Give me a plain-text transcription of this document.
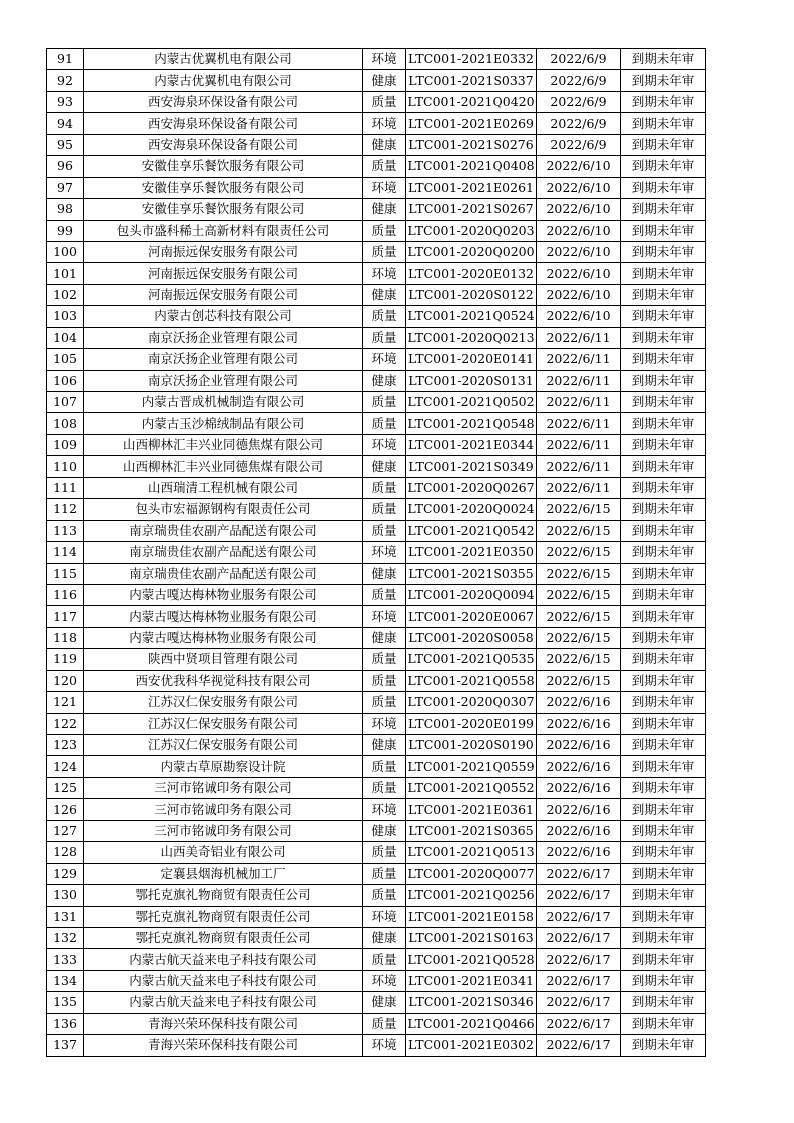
91	内蒙古优翼机电有限公司	环境	LTC001-2021E0332	2022/6/9	到期未年审
92	内蒙古优翼机电有限公司	健康	LTC001-2021S0337	2022/6/9	到期未年审
93	西安海泉环保设备有限公司	质量	LTC001-2021Q0420	2022/6/9	到期未年审
94	西安海泉环保设备有限公司	环境	LTC001-2021E0269	2022/6/9	到期未年审
95	西安海泉环保设备有限公司	健康	LTC001-2021S0276	2022/6/9	到期未年审
96	安徽佳享乐餐饮服务有限公司	质量	LTC001-2021Q0408	2022/6/10	到期未年审
97	安徽佳享乐餐饮服务有限公司	环境	LTC001-2021E0261	2022/6/10	到期未年审
98	安徽佳享乐餐饮服务有限公司	健康	LTC001-2021S0267	2022/6/10	到期未年审
99	包头市盛科稀土高新材料有限责任公司	质量	LTC001-2020Q0203	2022/6/10	到期未年审
100	河南振远保安服务有限公司	质量	LTC001-2020Q0200	2022/6/10	到期未年审
101	河南振远保安服务有限公司	环境	LTC001-2020E0132	2022/6/10	到期未年审
102	河南振远保安服务有限公司	健康	LTC001-2020S0122	2022/6/10	到期未年审
103	内蒙古创芯科技有限公司	质量	LTC001-2021Q0524	2022/6/10	到期未年审
104	南京沃扬企业管理有限公司	质量	LTC001-2020Q0213	2022/6/11	到期未年审
105	南京沃扬企业管理有限公司	环境	LTC001-2020E0141	2022/6/11	到期未年审
106	南京沃扬企业管理有限公司	健康	LTC001-2020S0131	2022/6/11	到期未年审
107	内蒙古晋成机械制造有限公司	质量	LTC001-2021Q0502	2022/6/11	到期未年审
108	内蒙古玉沙棉绒制品有限公司	质量	LTC001-2021Q0548	2022/6/11	到期未年审
109	山西柳林汇丰兴业同德焦煤有限公司	环境	LTC001-2021E0344	2022/6/11	到期未年审
110	山西柳林汇丰兴业同德焦煤有限公司	健康	LTC001-2021S0349	2022/6/11	到期未年审
111	山西瑞清工程机械有限公司	质量	LTC001-2020Q0267	2022/6/11	到期未年审
112	包头市宏福源钢构有限责任公司	质量	LTC001-2020Q0024	2022/6/15	到期未年审
113	南京瑞贵佳农副产品配送有限公司	质量	LTC001-2021Q0542	2022/6/15	到期未年审
114	南京瑞贵佳农副产品配送有限公司	环境	LTC001-2021E0350	2022/6/15	到期未年审
115	南京瑞贵佳农副产品配送有限公司	健康	LTC001-2021S0355	2022/6/15	到期未年审
116	内蒙古嘎达梅林物业服务有限公司	质量	LTC001-2020Q0094	2022/6/15	到期未年审
117	内蒙古嘎达梅林物业服务有限公司	环境	LTC001-2020E0067	2022/6/15	到期未年审
118	内蒙古嘎达梅林物业服务有限公司	健康	LTC001-2020S0058	2022/6/15	到期未年审
119	陕西中贤项目管理有限公司	质量	LTC001-2021Q0535	2022/6/15	到期未年审
120	西安优我科华视觉科技有限公司	质量	LTC001-2021Q0558	2022/6/15	到期未年审
121	江苏汉仁保安服务有限公司	质量	LTC001-2020Q0307	2022/6/16	到期未年审
122	江苏汉仁保安服务有限公司	环境	LTC001-2020E0199	2022/6/16	到期未年审
123	江苏汉仁保安服务有限公司	健康	LTC001-2020S0190	2022/6/16	到期未年审
124	内蒙古草原勘察设计院	质量	LTC001-2021Q0559	2022/6/16	到期未年审
125	三河市铭诚印务有限公司	质量	LTC001-2021Q0552	2022/6/16	到期未年审
126	三河市铭诚印务有限公司	环境	LTC001-2021E0361	2022/6/16	到期未年审
127	三河市铭诚印务有限公司	健康	LTC001-2021S0365	2022/6/16	到期未年审
128	山西美奇铝业有限公司	质量	LTC001-2021Q0513	2022/6/16	到期未年审
129	定襄县烟海机械加工厂	质量	LTC001-2020Q0077	2022/6/17	到期未年审
130	鄂托克旗礼物商贸有限责任公司	质量	LTC001-2021Q0256	2022/6/17	到期未年审
131	鄂托克旗礼物商贸有限责任公司	环境	LTC001-2021E0158	2022/6/17	到期未年审
132	鄂托克旗礼物商贸有限责任公司	健康	LTC001-2021S0163	2022/6/17	到期未年审
133	内蒙古航天益来电子科技有限公司	质量	LTC001-2021Q0528	2022/6/17	到期未年审
134	内蒙古航天益来电子科技有限公司	环境	LTC001-2021E0341	2022/6/17	到期未年审
135	内蒙古航天益来电子科技有限公司	健康	LTC001-2021S0346	2022/6/17	到期未年审
136	青海兴荣环保科技有限公司	质量	LTC001-2021Q0466	2022/6/17	到期未年审
137	青海兴荣环保科技有限公司	环境	LTC001-2021E0302	2022/6/17	到期未年审
